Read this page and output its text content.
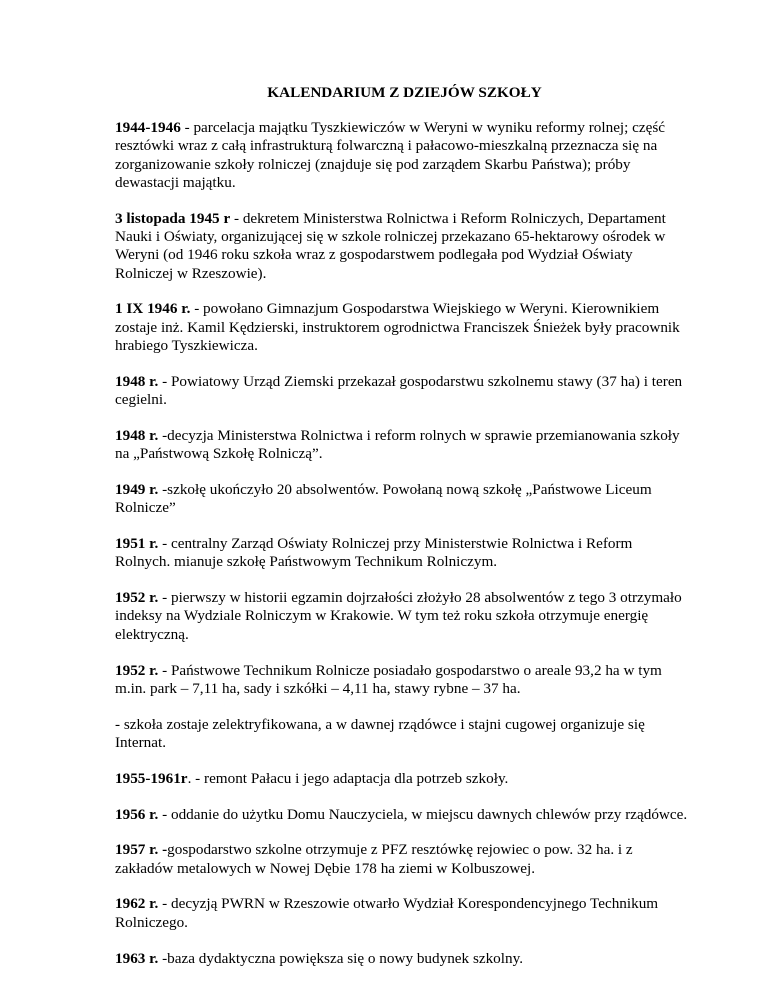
KALENDARIUM Z DZIEJÓW SZKOŁY

1944-1946 - parcelacja majątku Tyszkiewiczów w Weryni w wyniku reformy rolnej; część resztówki wraz z całą infrastrukturą folwarczną i pałacowo-mieszkalną przeznacza się na zorganizowanie szkoły rolniczej (znajduje się pod zarządem Skarbu Państwa); próby dewastacji majątku.

3 listopada 1945 r - dekretem Ministerstwa Rolnictwa i Reform Rolniczych, Departament Nauki i Oświaty, organizującej się w szkole rolniczej przekazano 65-hektarowy ośrodek w Weryni (od 1946 roku szkoła wraz z gospodarstwem podlegała pod Wydział Oświaty Rolniczej w Rzeszowie).

1 IX 1946 r. - powołano Gimnazjum Gospodarstwa Wiejskiego w Weryni. Kierownikiem zostaje inż. Kamil Kędzierski, instruktorem ogrodnictwa Franciszek Śnieżek były pracownik hrabiego Tyszkiewicza.

1948 r. - Powiatowy Urząd Ziemski przekazał gospodarstwu szkolnemu stawy (37 ha) i teren cegielni.

1948 r. -decyzja Ministerstwa Rolnictwa i reform rolnych w sprawie przemianowania szkoły na „Państwową Szkołę Rolniczą”.

1949 r. -szkołę ukończyło 20 absolwentów. Powołaną nową szkołę „Państwowe Liceum Rolnicze”

1951 r. - centralny Zarząd Oświaty Rolniczej przy Ministerstwie Rolnictwa i Reform Rolnych. mianuje szkołę Państwowym Technikum Rolniczym.

1952 r. - pierwszy w historii egzamin dojrzałości złożyło 28 absolwentów z tego 3 otrzymało indeksy na Wydziale Rolniczym w Krakowie. W tym też roku szkoła otrzymuje energię elektryczną.

1952 r. - Państwowe Technikum Rolnicze posiadało gospodarstwo o areale 93,2 ha w tym m.in. park – 7,11 ha, sady i szkółki – 4,11 ha, stawy rybne – 37 ha.

- szkoła zostaje zelektryfikowana, a w dawnej rządówce i stajni cugowej organizuje się Internat.

1955-1961r. - remont Pałacu i jego adaptacja dla potrzeb szkoły.

1956 r. - oddanie do użytku Domu Nauczyciela, w miejscu dawnych chlewów przy rządówce.

1957 r. -gospodarstwo szkolne otrzymuje z PFZ resztówkę rejowiec o pow. 32 ha. i z zakładów metalowych w Nowej Dębie 178 ha ziemi w Kolbuszowej.

1962 r. - decyzją PWRN w Rzeszowie otwarło Wydział Korespondencyjnego Technikum Rolniczego.

1963 r. -baza dydaktyczna powiększa się o nowy budynek szkolny.
